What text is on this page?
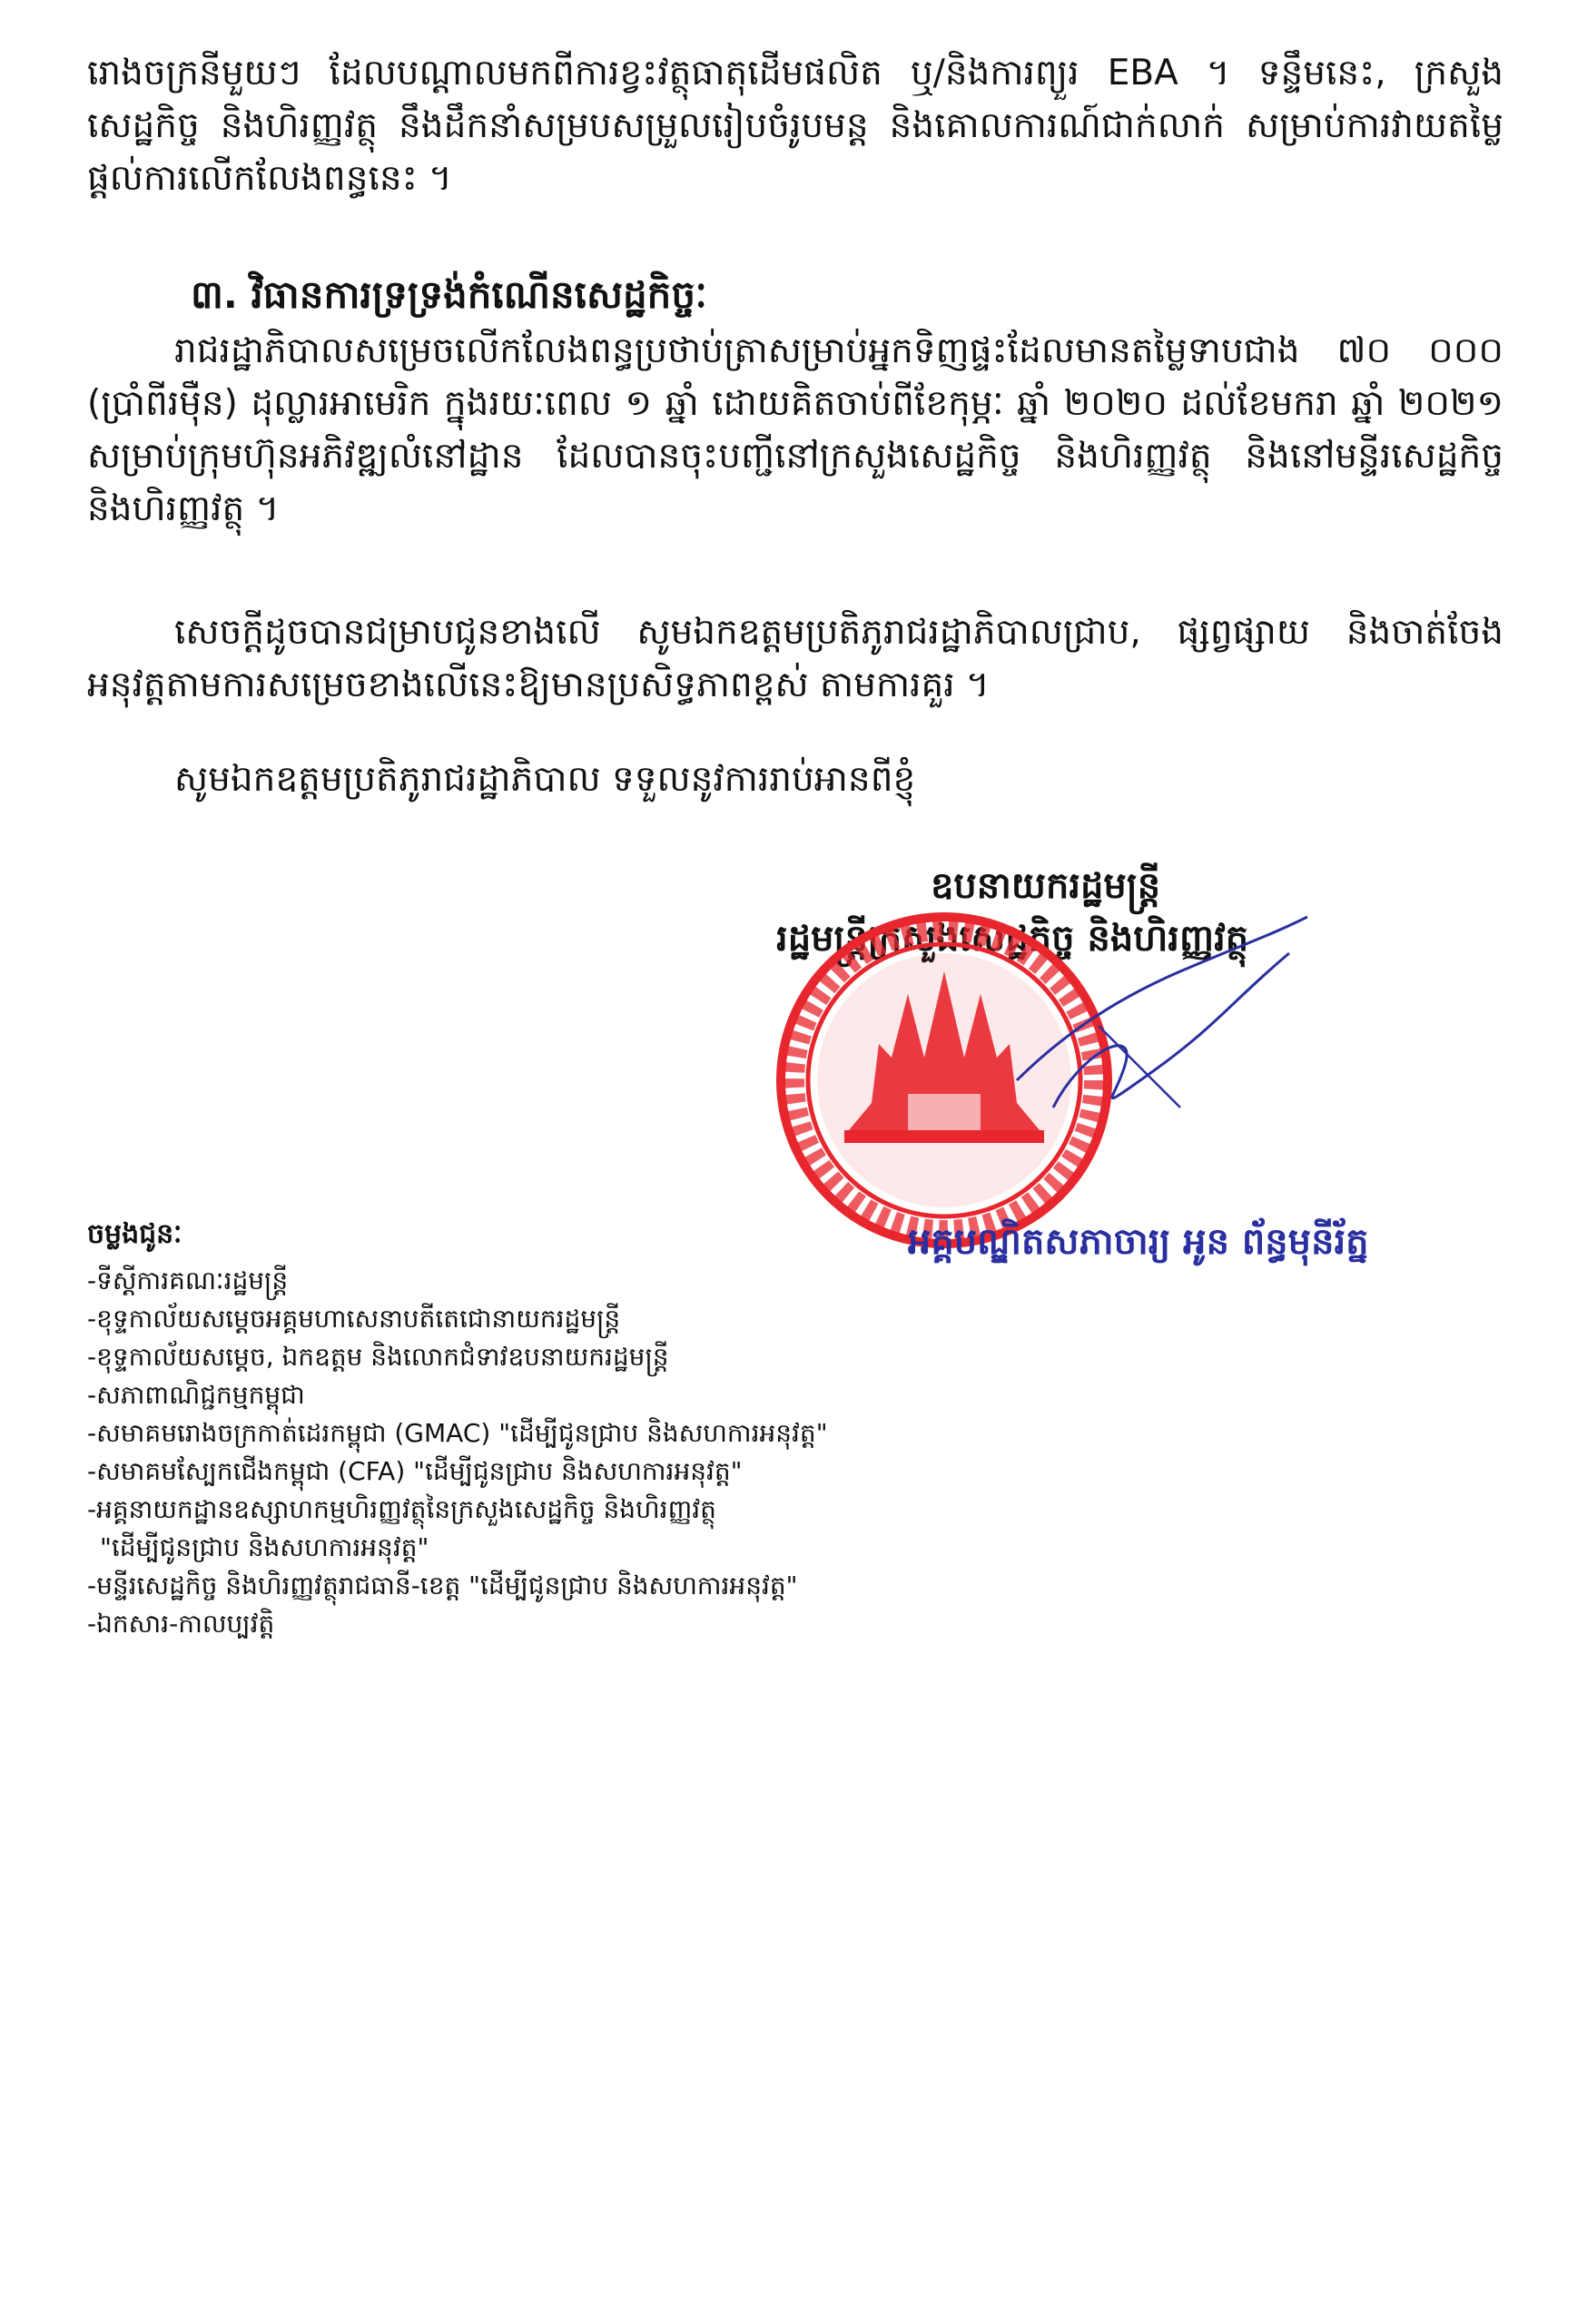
រោងចក្រនីមួយៗ ដែលបណ្តាលមកពីការខ្វះវត្ថុធាតុដើមផលិត ឬ/និងការព្យួរ EBA ។ ទន្ទឹមនេះ, ក្រសួងសេដ្ឋកិច្ច និងហិរញ្ញវត្ថុ នឹងដឹកនាំសម្របសម្រួលរៀបចំរូបមន្ត និងគោលការណ៍ជាក់លាក់ សម្រាប់ការវាយតម្លៃផ្តល់ការលើកលែងពន្ធនេះ ។

៣. វិធានការទ្រទ្រង់កំណើនសេដ្ឋកិច្ចៈ

រាជរដ្ឋាភិបាលសម្រេចលើកលែងពន្ធប្រថាប់ត្រាសម្រាប់អ្នកទិញផ្ទះដែលមានតម្លៃទាបជាង ៧០ ០០០ (ប្រាំពីរម៉ឺន) ដុល្លារអាមេរិក ក្នុងរយៈពេល ១ ឆ្នាំ ដោយគិតចាប់ពីខែកុម្ភៈ ឆ្នាំ ២០២០ ដល់ខែមករា ឆ្នាំ ២០២១ សម្រាប់ក្រុមហ៊ុនអភិវឌ្ឍលំនៅដ្ឋាន ដែលបានចុះបញ្ជីនៅក្រសួងសេដ្ឋកិច្ច និងហិរញ្ញវត្ថុ និងនៅមន្ទីរសេដ្ឋកិច្ច និងហិរញ្ញវត្ថុ ។

សេចក្តីដូចបានជម្រាបជូនខាងលើ សូមឯកឧត្តមប្រតិភូរាជរដ្ឋាភិបាលជ្រាប, ផ្សព្វផ្សាយ និងចាត់ចែងអនុវត្តតាមការសម្រេចខាងលើនេះឱ្យមានប្រសិទ្ធភាពខ្ពស់ តាមការគួរ ។

សូមឯកឧត្តមប្រតិភូរាជរដ្ឋាភិបាល ទទួលនូវការរាប់អានពីខ្ញុំ

ឧបនាយករដ្ឋមន្ត្រី
រដ្ឋមន្ត្រីក្រសួងសេដ្ឋកិច្ច និងហិរញ្ញវត្ថុ
អគ្គបណ្ឌិតសភាចារ្យ អូន ព័ន្ធមុនីរ័ត្ន

ចម្លងជូនៈ

-ទីស្តីការគណៈរដ្ឋមន្ត្រី
-ខុទ្ទកាល័យសម្តេចអគ្គមហាសេនាបតីតេជោនាយករដ្ឋមន្ត្រី
-ខុទ្ទកាល័យសម្តេច, ឯកឧត្តម និងលោកជំទាវឧបនាយករដ្ឋមន្ត្រី
-សភាពាណិជ្ជកម្មកម្ពុជា
-សមាគមរោងចក្រកាត់ដេរកម្ពុជា (GMAC) "ដើម្បីជូនជ្រាប និងសហការអនុវត្ត"
-សមាគមស្បែកជើងកម្ពុជា (CFA) "ដើម្បីជូនជ្រាប និងសហការអនុវត្ត"
-អគ្គនាយកដ្ឋានឧស្សាហកម្មហិរញ្ញវត្ថុនៃក្រសួងសេដ្ឋកិច្ច និងហិរញ្ញវត្ថុ
"ដើម្បីជូនជ្រាប និងសហការអនុវត្ត"
-មន្ទីរសេដ្ឋកិច្ច និងហិរញ្ញវត្ថុរាជធានី-ខេត្ត "ដើម្បីជូនជ្រាប និងសហការអនុវត្ត"
-ឯកសារ-កាលប្បវត្តិ
